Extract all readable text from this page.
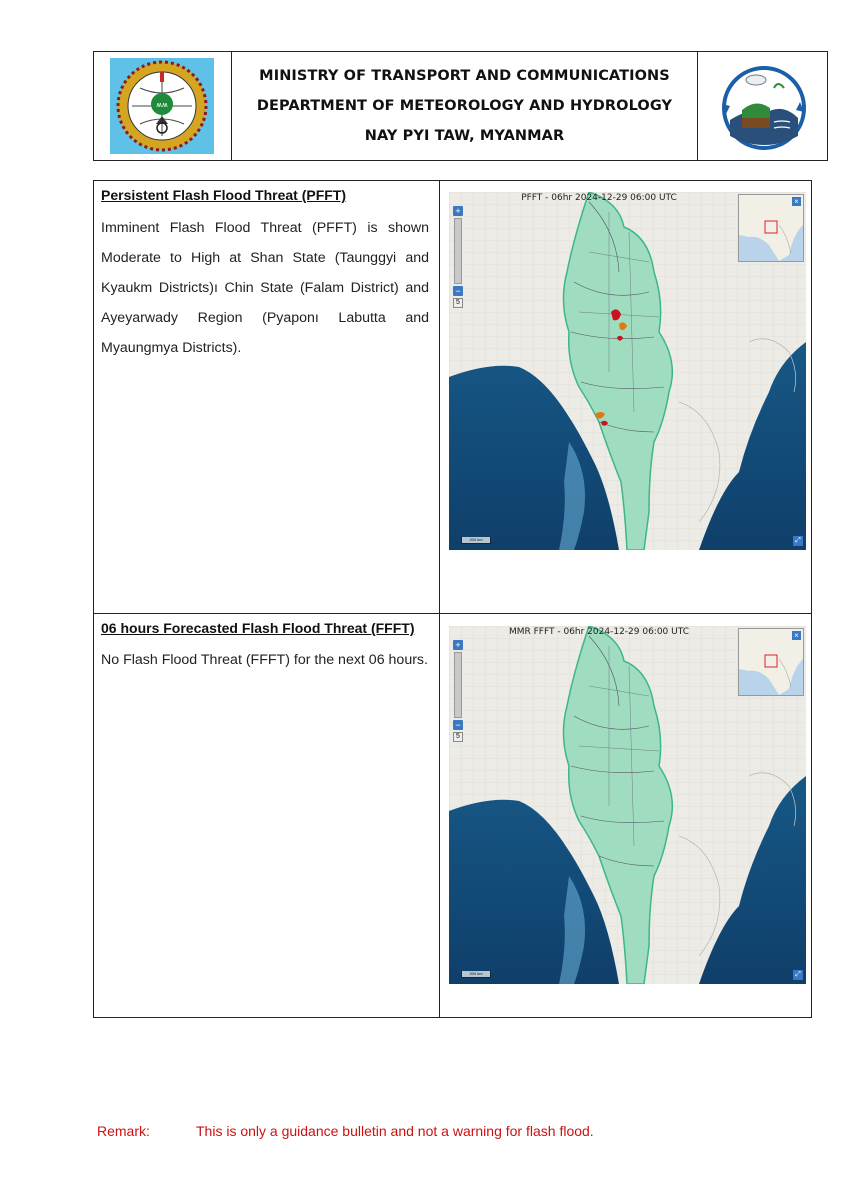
ʍʍ
MINISTRY OF TRANSPORT AND COMMUNICATIONS
DEPARTMENT OF METEOROLOGY AND HYDROLOGY
NAY PYI TAW, MYANMAR
Persistent Flash Flood Threat (PFFT)
Imminent Flash Flood Threat (PFFT) is shown Moderate to High at Shan State (Taunggyi and Kyaukm Districts)ı Chin State (Falam District) and Ayeyarwady Region (Pyaponı Labutta and Myaungmya Districts).
PFFT - 06hr 2024-12-29 06:00 UTC
+
−
5
×
200 km	⤢
06 hours Forecasted Flash Flood Threat (FFFT)
No Flash Flood Threat (FFFT) for the next 06 hours.
MMR FFFT - 06hr 2024-12-29 06:00 UTC
+
−
5
×
200 km	⤢
Remark:	This is only a guidance bulletin and not a warning for flash flood.
